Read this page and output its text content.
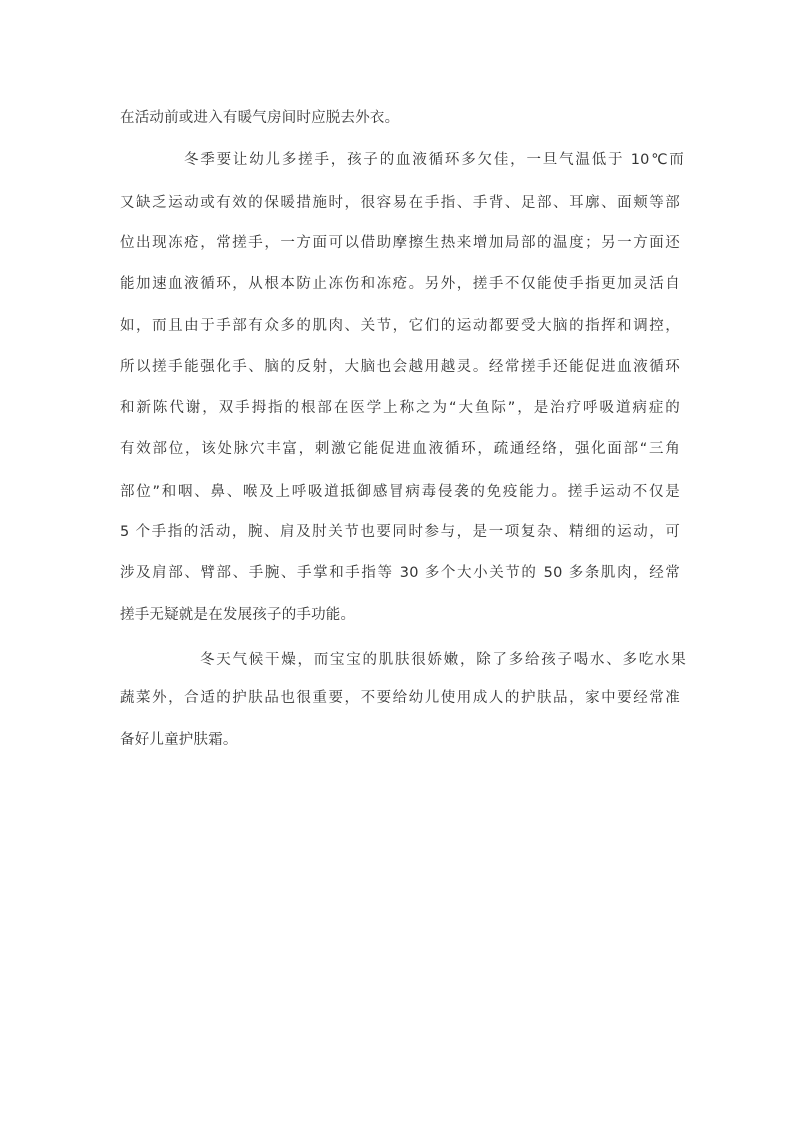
在活动前或进入有暖气房间时应脱去外衣。
冬季要让幼儿多搓手，孩子的血液循环多欠佳，一旦气温低于 10℃而
又缺乏运动或有效的保暖措施时，很容易在手指、手背、足部、耳廓、面颊等部
位出现冻疮，常搓手，一方面可以借助摩擦生热来增加局部的温度；另一方面还
能加速血液循环，从根本防止冻伤和冻疮。另外，搓手不仅能使手指更加灵活自
如，而且由于手部有众多的肌肉、关节，它们的运动都要受大脑的指挥和调控，
所以搓手能强化手、脑的反射，大脑也会越用越灵。经常搓手还能促进血液循环
和新陈代谢，双手拇指的根部在医学上称之为“大鱼际”，是治疗呼吸道病症的
有效部位，该处脉穴丰富，刺激它能促进血液循环，疏通经络，强化面部“三角
部位”和咽、鼻、喉及上呼吸道抵御感冒病毒侵袭的免疫能力。搓手运动不仅是
5 个手指的活动，腕、肩及肘关节也要同时参与，是一项复杂、精细的运动，可
涉及肩部、臂部、手腕、手掌和手指等 30 多个大小关节的 50 多条肌肉，经常
搓手无疑就是在发展孩子的手功能。
冬天气候干燥，而宝宝的肌肤很娇嫩，除了多给孩子喝水、多吃水果
蔬菜外，合适的护肤品也很重要，不要给幼儿使用成人的护肤品，家中要经常准
备好儿童护肤霜。
